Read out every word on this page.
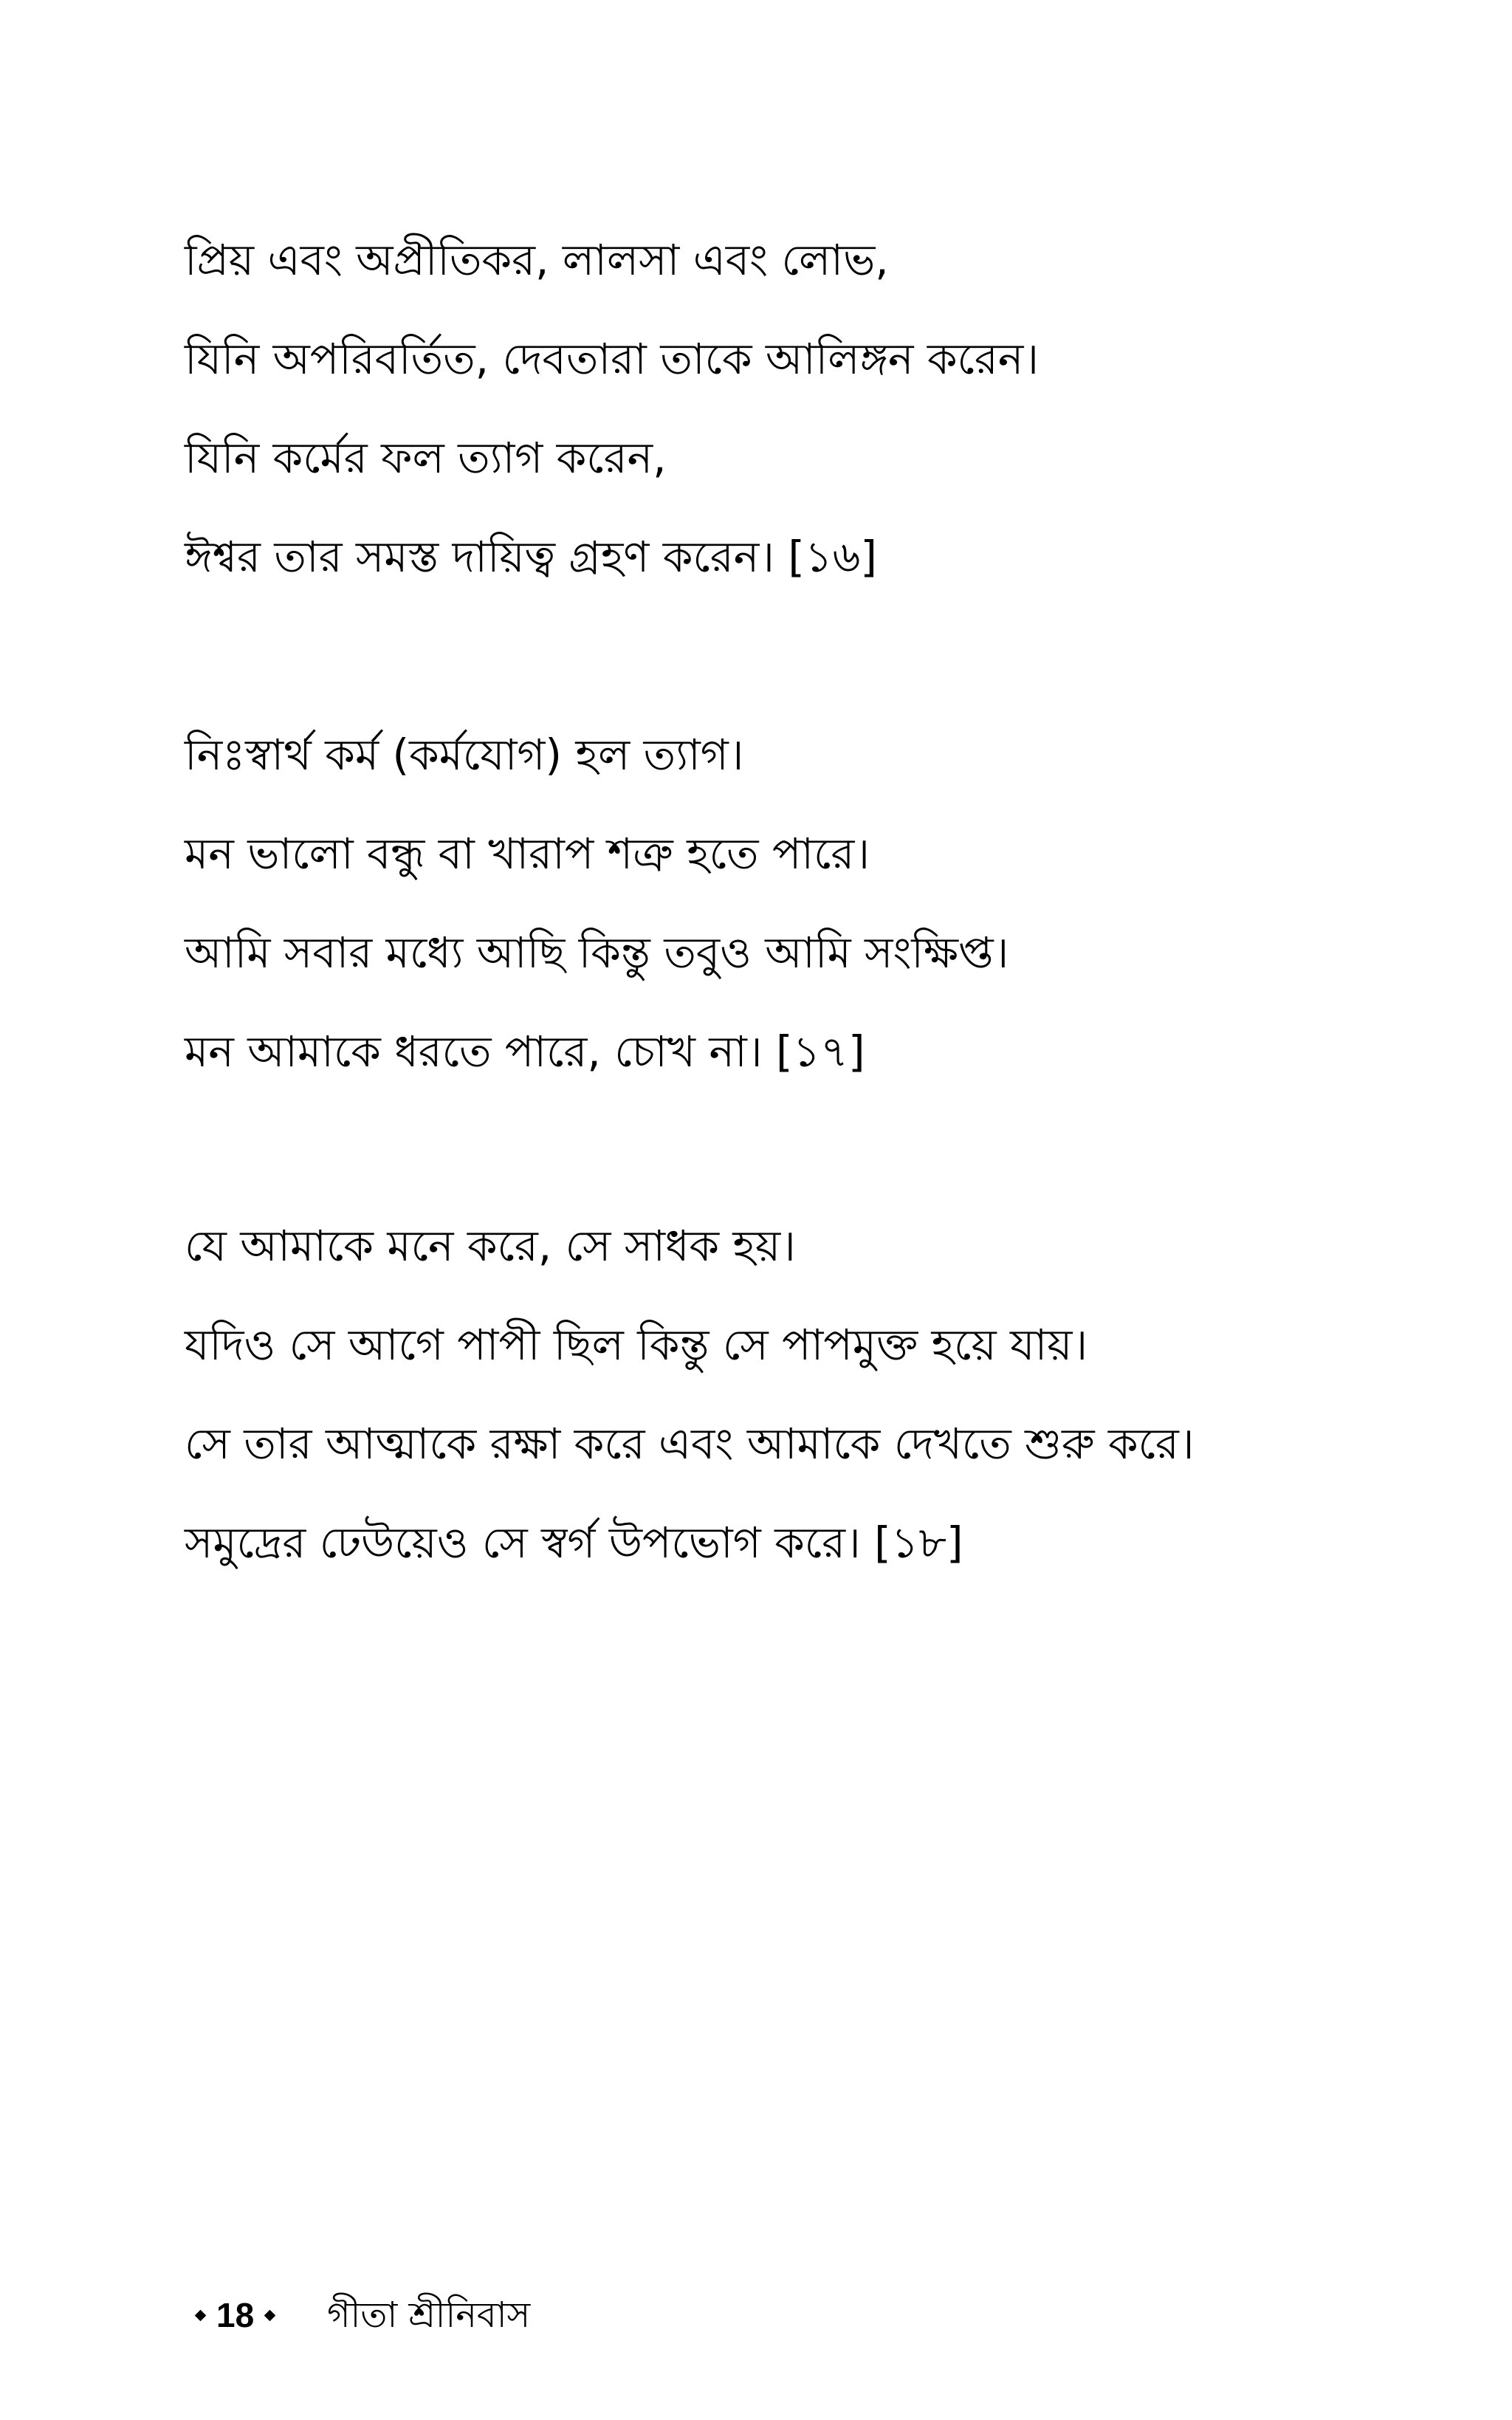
প্রিয় এবং অপ্রীতিকর, লালসা এবং লোভ,
যিনি অপরিবর্তিত, দেবতারা তাকে আলিঙ্গন করেন।
যিনি কর্মের ফল ত্যাগ করেন,
ঈশ্বর তার সমস্ত দায়িত্ব গ্রহণ করেন। [১৬]
নিঃস্বার্থ কর্ম (কর্মযোগ) হল ত্যাগ।
মন ভালো বন্ধু বা খারাপ শত্রু হতে পারে।
আমি সবার মধ্যে আছি কিন্তু তবুও আমি সংক্ষিপ্ত।
মন আমাকে ধরতে পারে, চোখ না। [১৭]
যে আমাকে মনে করে, সে সাধক হয়।
যদিও সে আগে পাপী ছিল কিন্তু সে পাপমুক্ত হয়ে যায়।
সে তার আত্মাকে রক্ষা করে এবং আমাকে দেখতে শুরু করে।
সমুদ্রের ঢেউয়েও সে স্বর্গ উপভোগ করে। [১৮]
18 গীতা শ্রীনিবাস
